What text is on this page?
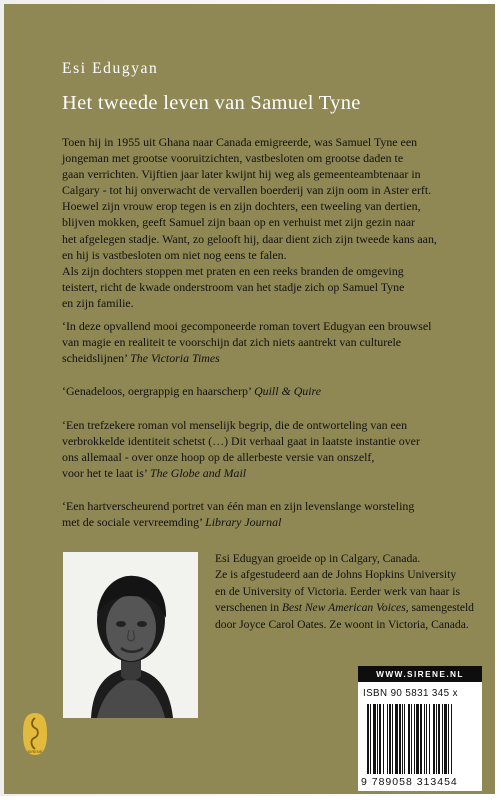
Esi Edugyan
Het tweede leven van Samuel Tyne

Toen hij in 1955 uit Ghana naar Canada emigreerde, was Samuel Tyne een

jongeman met grootse vooruitzichten, vastbesloten om grootse daden te

gaan verrichten. Vijftien jaar later kwijnt hij weg als gemeenteambtenaar in

Calgary - tot hij onverwacht de vervallen boerderij van zijn oom in Aster erft.

Hoewel zijn vrouw erop tegen is en zijn dochters, een tweeling van dertien,

blijven mokken, geeft Samuel zijn baan op en verhuist met zijn gezin naar

het afgelegen stadje. Want, zo gelooft hij, daar dient zich zijn tweede kans aan,

en hij is vastbesloten om niet nog eens te falen.

Als zijn dochters stoppen met praten en een reeks branden de omgeving

teistert, richt de kwade onderstroom van het stadje zich op Samuel Tyne

en zijn familie.

‘In deze opvallend mooi gecomponeerde roman tovert Edugyan een brouwsel

van magie en realiteit te voorschijn dat zich niets aantrekt van culturele

scheidslijnen’ The Victoria Times

‘Genadeloos, oergrappig en haarscherp’ Quill & Quire

‘Een trefzekere roman vol menselijk begrip, die de ontworteling van een

verbrokkelde identiteit schetst (…) Dit verhaal gaat in laatste instantie over

ons allemaal - over onze hoop op de allerbeste versie van onszelf,

voor het te laat is’ The Globe and Mail

‘Een hartverscheurend portret van één man en zijn levenslange worsteling

met de sociale vervreemding’ Library Journal

Esi Edugyan groeide op in Calgary, Canada.

Ze is afgestudeerd aan de Johns Hopkins University

en de University of Victoria. Eerder werk van haar is

verschenen in Best New American Voices, samengesteld

door Joyce Carol Oates. Ze woont in Victoria, Canada.

SIRENE
WWW.SIRENE.NL
ISBN 90 5831 345 x
9 789058 313454
